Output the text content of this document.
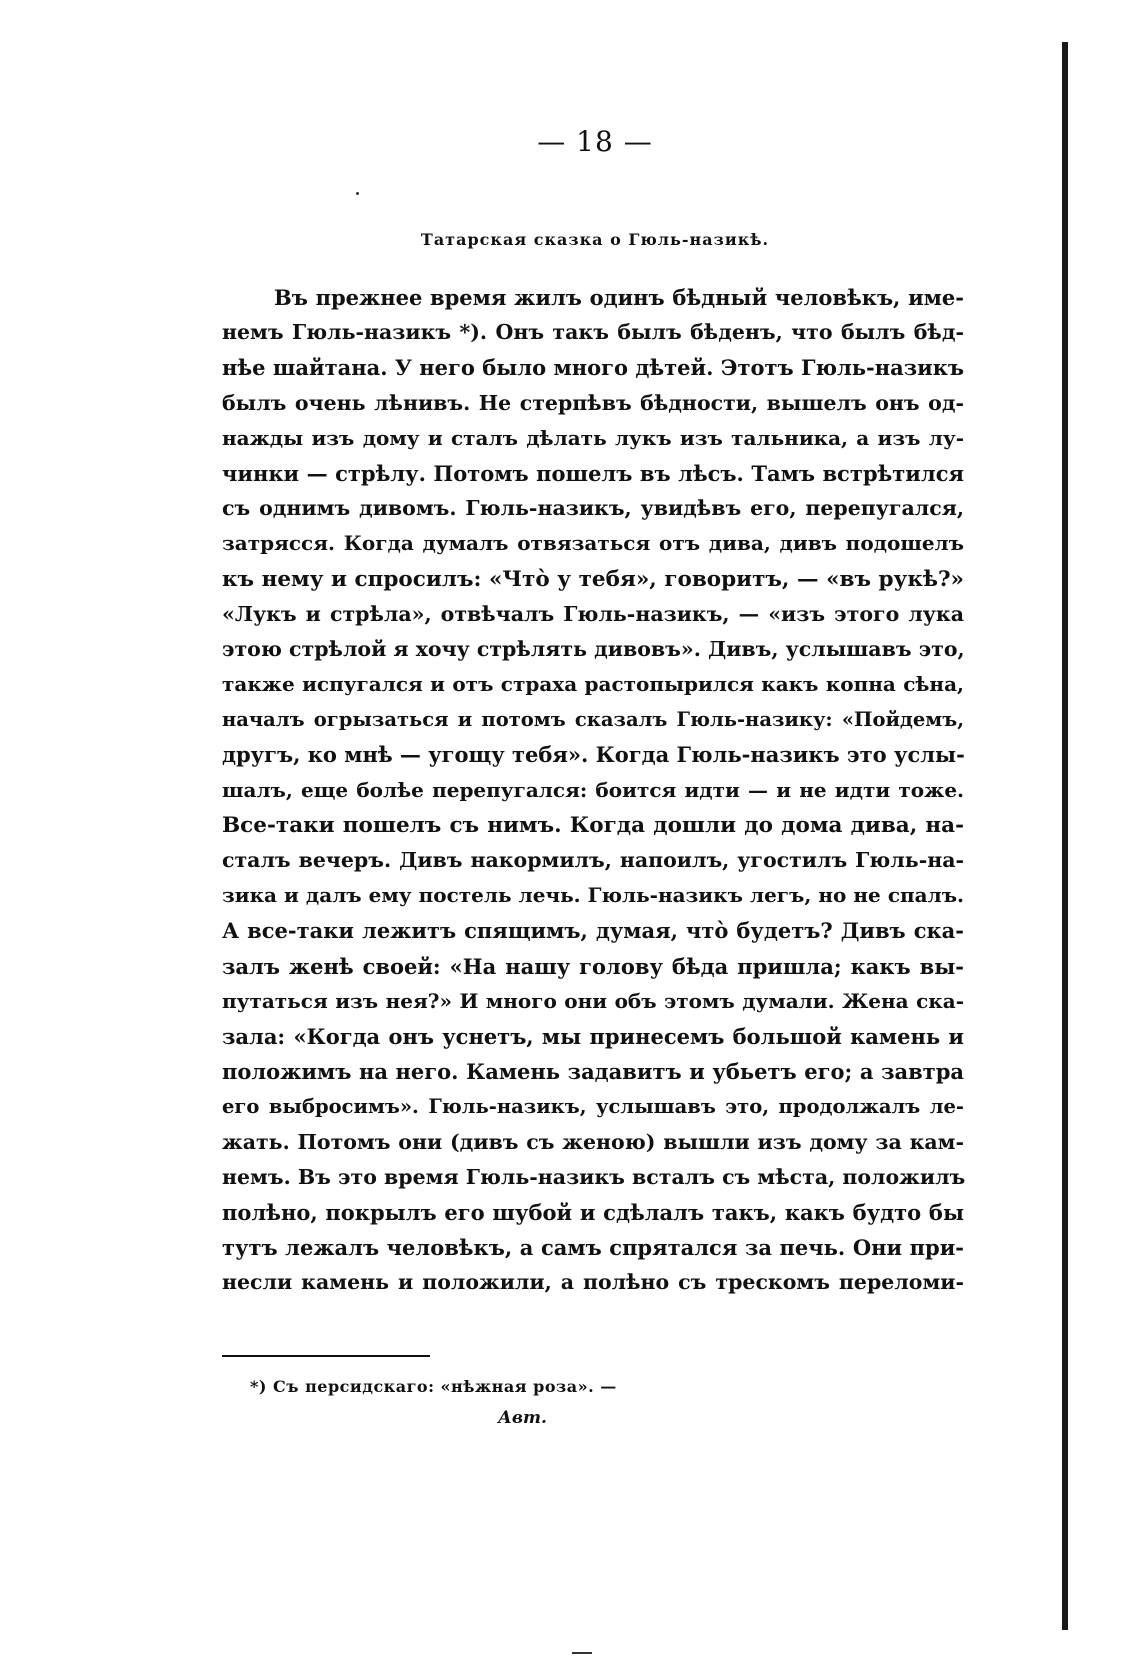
— 18 —
Татарская сказка о Гюль-назикѣ.
Въ прежнее время жилъ одинъ бѣдный человѣкъ, име-
немъ Гюль-назикъ *). Онъ такъ былъ бѣденъ, что былъ бѣд-
нѣе шайтана. У него было много дѣтей. Этотъ Гюль-назикъ
былъ очень лѣнивъ. Не стерпѣвъ бѣдности, вышелъ онъ од-
нажды изъ дому и сталъ дѣлать лукъ изъ тальника, а изъ лу-
чинки — стрѣлу. Потомъ пошелъ въ лѣсъ. Тамъ встрѣтился
съ однимъ дивомъ. Гюль-назикъ, увидѣвъ его, перепугался,
затрясся. Когда думалъ отвязаться отъ дива, дивъ подошелъ
къ нему и спросилъ: «Что̀ у тебя», говоритъ, — «въ рукѣ?»
«Лукъ и стрѣла», отвѣчалъ Гюль-назикъ, — «изъ этого лука
этою стрѣлой я хочу стрѣлять дивовъ». Дивъ, услышавъ это,
также испугался и отъ страха растопырился какъ копна сѣна,
началъ огрызаться и потомъ сказалъ Гюль-назику: «Пойдемъ,
другъ, ко мнѣ — угощу тебя». Когда Гюль-назикъ это услы-
шалъ, еще болѣе перепугался: боится идти — и не идти тоже.
Все-таки пошелъ съ нимъ. Когда дошли до дома дива, на-
сталъ вечеръ. Дивъ накормилъ, напоилъ, угостилъ Гюль-на-
зика и далъ ему постель лечь. Гюль-назикъ легъ, но не спалъ.
А все-таки лежитъ спящимъ, думая, что̀ будетъ? Дивъ ска-
залъ женѣ своей: «На нашу голову бѣда пришла; какъ вы-
путаться изъ нея?» И много они объ этомъ думали. Жена ска-
зала: «Когда онъ уснетъ, мы принесемъ большой камень и
положимъ на него. Камень задавитъ и убьетъ его; а завтра
его выбросимъ». Гюль-назикъ, услышавъ это, продолжалъ ле-
жать. Потомъ они (дивъ съ женою) вышли изъ дому за кам-
немъ. Въ это время Гюль-назикъ всталъ съ мѣста, положилъ
полѣно, покрылъ его шубой и сдѣлалъ такъ, какъ будто бы
тутъ лежалъ человѣкъ, а самъ спрятался за печь. Они при-
несли камень и положили, а полѣно съ трескомъ переломи-
*) Съ персидскаго: «нѣжная роза». —
Авт.
